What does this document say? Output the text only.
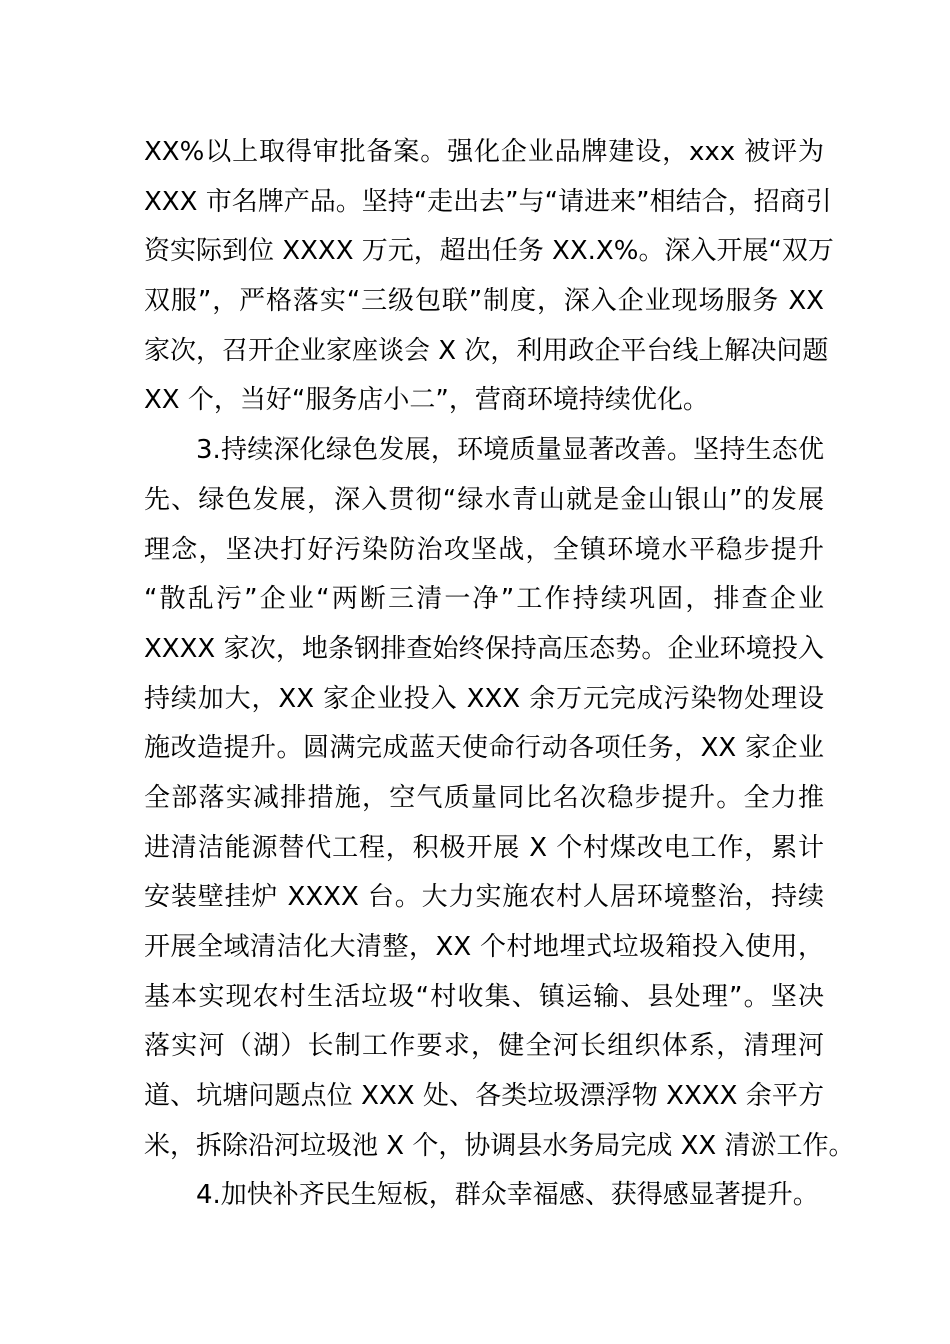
XX%以上取得审批备案。强化企业品牌建设，xxx 被评为
XXX 市名牌产品。坚持“走出去”与“请进来”相结合，招商引
资实际到位 XXXX 万元，超出任务 XX.X%。深入开展“双万
双服”，严格落实“三级包联”制度，深入企业现场服务 XX
家次，召开企业家座谈会 X 次，利用政企平台线上解决问题
XX 个，当好“服务店小二”，营商环境持续优化。
3.持续深化绿色发展，环境质量显著改善。坚持生态优
先、绿色发展，深入贯彻“绿水青山就是金山银山”的发展
理念，坚决打好污染防治攻坚战，全镇环境水平稳步提升
“散乱污”企业“两断三清一净”工作持续巩固，排查企业
XXXX 家次，地条钢排查始终保持高压态势。企业环境投入
持续加大，XX 家企业投入 XXX 余万元完成污染物处理设
施改造提升。圆满完成蓝天使命行动各项任务，XX 家企业
全部落实减排措施，空气质量同比名次稳步提升。全力推
进清洁能源替代工程，积极开展 X 个村煤改电工作，累计
安装壁挂炉 XXXX 台。大力实施农村人居环境整治，持续
开展全域清洁化大清整，XX 个村地埋式垃圾箱投入使用，
基本实现农村生活垃圾“村收集、镇运输、县处理”。坚决
落实河（湖）长制工作要求，健全河长组织体系，清理河
道、坑塘问题点位 XXX 处、各类垃圾漂浮物 XXXX 余平方
米，拆除沿河垃圾池 X 个，协调县水务局完成 XX 清淤工作。
4.加快补齐民生短板，群众幸福感、获得感显著提升。
